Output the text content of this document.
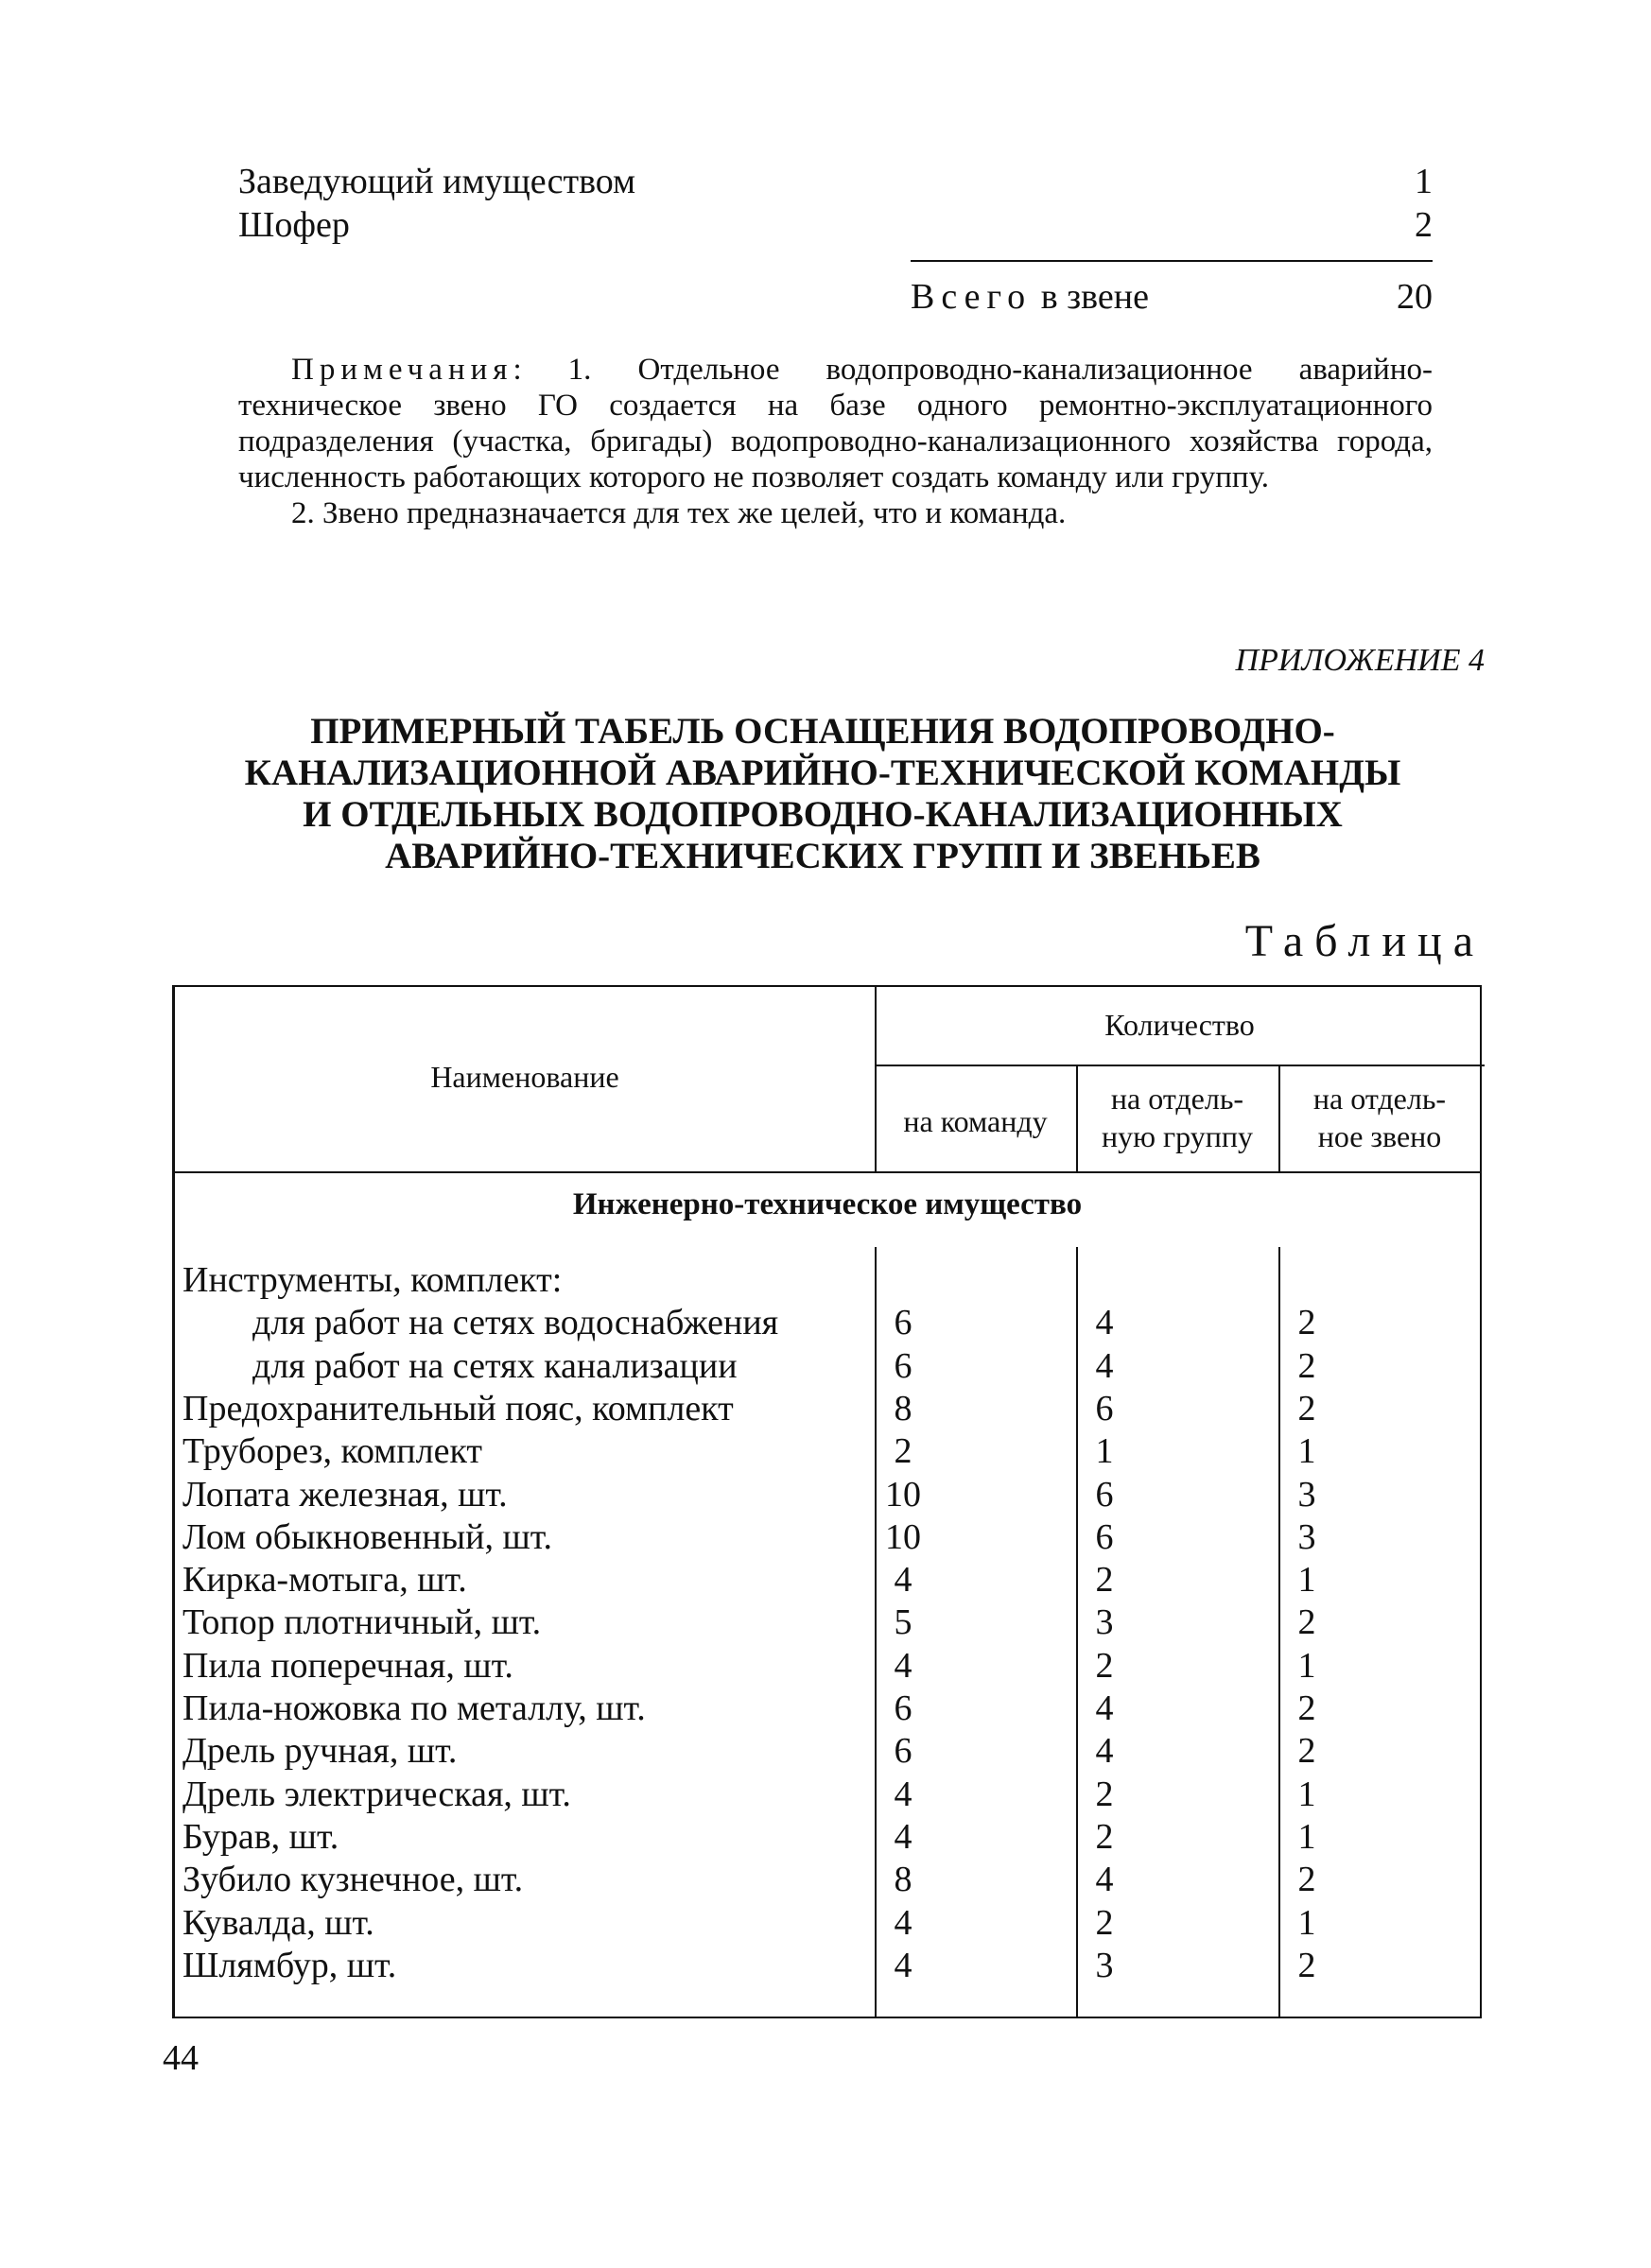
Заведующий имуществом	1
Шофер	2
Всего в звене	20

Примечания: 1. Отдельное водопроводно-канализационное аварийно-техническое звено ГО создается на базе одного ремонтно-эксплуатационного подразделения (участка, бригады) водопроводно-канализационного хозяйства города, численность работающих которого не позволяет создать команду или группу.

2. Звено предназначается для тех же целей, что и команда.

ПРИЛОЖЕНИЕ 4
ПРИМЕРНЫЙ ТАБЕЛЬ ОСНАЩЕНИЯ ВОДОПРОВОДНО-
КАНАЛИЗАЦИОННОЙ АВАРИЙНО-ТЕХНИЧЕСКОЙ КОМАНДЫ
И ОТДЕЛЬНЫХ ВОДОПРОВОДНО-КАНАЛИЗАЦИОННЫХ
АВАРИЙНО-ТЕХНИЧЕСКИХ ГРУПП И ЗВЕНЬЕВ
Таблица
Наименование
Количество
на команду
на отдель-
ную группу
на отдель-
ное звено
Инженерно-техническое имущество
Инструменты, комплект:
для работ на сетях водоснабжения	6	4	2
для работ на сетях канализации	6	4	2
Предохранительный пояс, комплект	8	6	2
Труборез, комплект	2	1	1
Лопата железная, шт.	10	6	3
Лом обыкновенный, шт.	10	6	3
Кирка-мотыга, шт.	4	2	1
Топор плотничный, шт.	5	3	2
Пила поперечная, шт.	4	2	1
Пила-ножовка по металлу, шт.	6	4	2
Дрель ручная, шт.	6	4	2
Дрель электрическая, шт.	4	2	1
Бурав, шт.	4	2	1
Зубило кузнечное, шт.	8	4	2
Кувалда, шт.	4	2	1
Шлямбур, шт.	4	3	2
44
